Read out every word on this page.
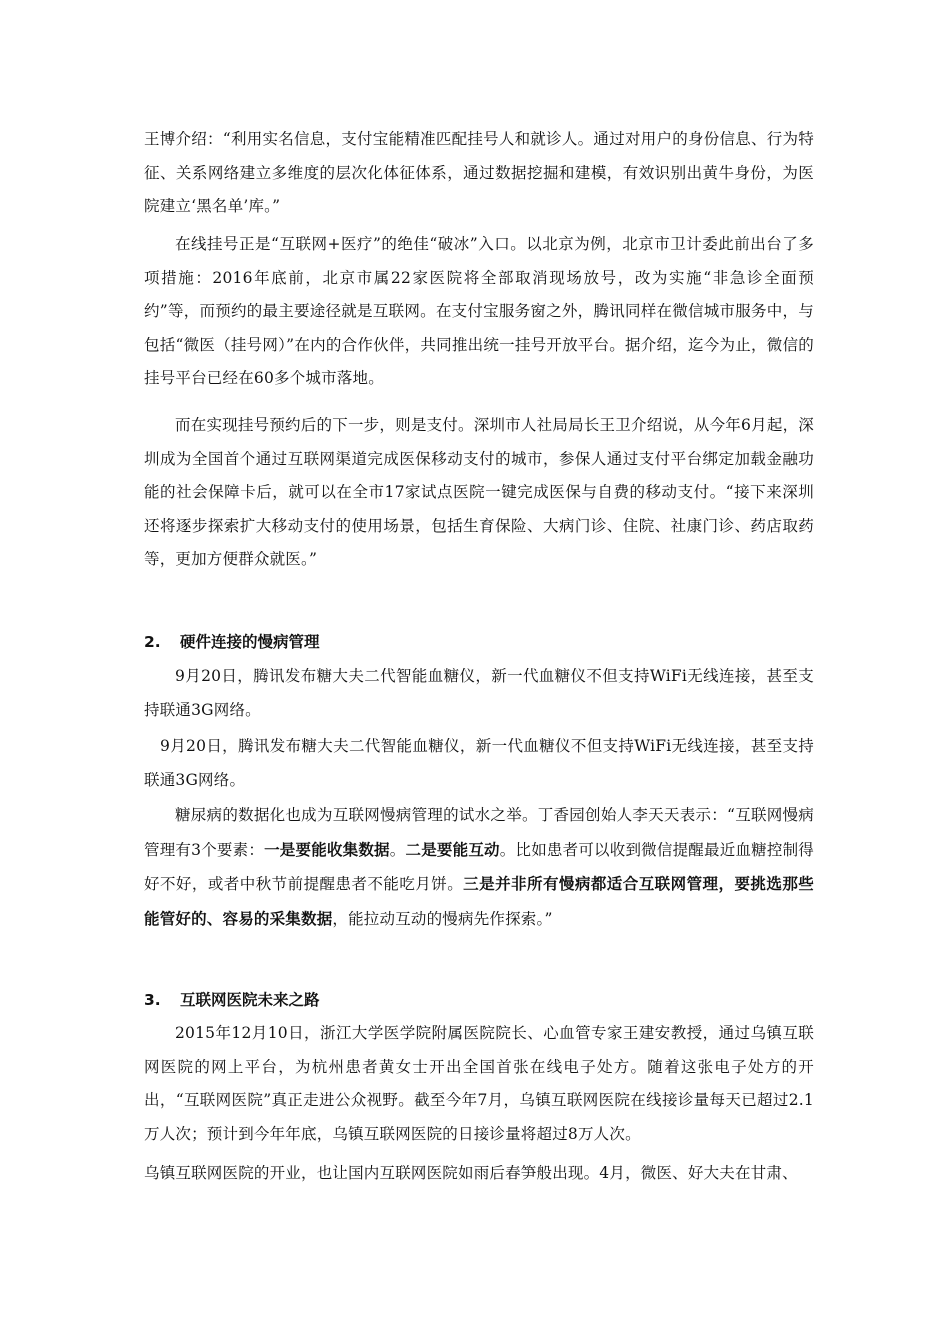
王博介绍：“利用实名信息，支付宝能精准匹配挂号人和就诊人。通过对用户的身份信息、行为特征、关系网络建立多维度的层次化体征体系，通过数据挖掘和建模，有效识别出黄牛身份，为医院建立‘黑名单’库。”

在线挂号正是“互联网+医疗”的绝佳“破冰”入口。以北京为例，北京市卫计委此前出台了多项措施：2016年底前，北京市属22家医院将全部取消现场放号，改为实施“非急诊全面预约”等，而预约的最主要途径就是互联网。在支付宝服务窗之外，腾讯同样在微信城市服务中，与包括“微医（挂号网）”在内的合作伙伴，共同推出统一挂号开放平台。据介绍，迄今为止，微信的挂号平台已经在60多个城市落地。

而在实现挂号预约后的下一步，则是支付。深圳市人社局局长王卫介绍说，从今年6月起，深圳成为全国首个通过互联网渠道完成医保移动支付的城市，参保人通过支付平台绑定加载金融功能的社会保障卡后，就可以在全市17家试点医院一键完成医保与自费的移动支付。“接下来深圳还将逐步探索扩大移动支付的使用场景，包括生育保险、大病门诊、住院、社康门诊、药店取药等，更加方便群众就医。”

2. 硬件连接的慢病管理

9月20日，腾讯发布糖大夫二代智能血糖仪，新一代血糖仪不但支持WiFi无线连接，甚至支持联通3G网络。

9月20日，腾讯发布糖大夫二代智能血糖仪，新一代血糖仪不但支持WiFi无线连接，甚至支持联通3G网络。

糖尿病的数据化也成为互联网慢病管理的试水之举。丁香园创始人李天天表示：“互联网慢病管理有3个要素：一是要能收集数据。二是要能互动。比如患者可以收到微信提醒最近血糖控制得好不好，或者中秋节前提醒患者不能吃月饼。三是并非所有慢病都适合互联网管理，要挑选那些能管好的、容易的采集数据，能拉动互动的慢病先作探索。”

3. 互联网医院未来之路

2015年12月10日，浙江大学医学院附属医院院长、心血管专家王建安教授，通过乌镇互联网医院的网上平台，为杭州患者黄女士开出全国首张在线电子处方。随着这张电子处方的开出，“互联网医院”真正走进公众视野。截至今年7月，乌镇互联网医院在线接诊量每天已超过2.1万人次；预计到今年年底，乌镇互联网医院的日接诊量将超过8万人次。

乌镇互联网医院的开业，也让国内互联网医院如雨后春笋般出现。4月，微医、好大夫在甘肃、
